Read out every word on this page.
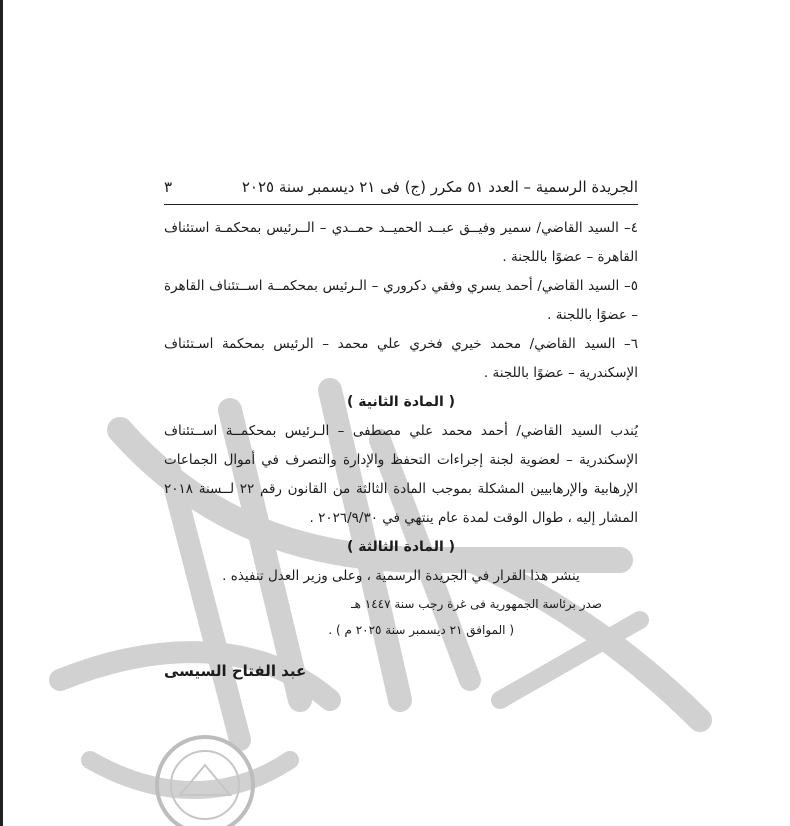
الجريدة الرسمية – العدد ٥١ مكرر (ج) فى ٢١ ديسمبر سنة ٢٠٢٥
٣

٤– السيد القاضي/ سمير وفيــق عبــد الحميــد حمــدي – الــرئيس بمحكمـة استئناف القاهرة – عضوًا باللجنة .

٥– السيد القاضي/ أحمد يسري وفقي دكروري – الـرئيس بمحكمــة اســتئناف القاهرة – عضوًا باللجنة .

٦– السيد القاضي/ محمد خيري فخري علي محمد – الرئيس بمحكمة اسـتئناف الإسكندرية – عضوًا باللجنة .

( المادة الثانية )

يُندب السيد القاضي/ أحمد محمد علي مصطفى – الـرئيس بمحكمــة اســتئناف الإسكندرية – لعضوية لجنة إجراءات التحفظ والإدارة والتصرف في أموال الجماعات الإرهابية والإرهابيين المشكلة بموجب المادة الثالثة من القانون رقم ٢٢ لــسنة ٢٠١٨ المشار إليه ، طوال الوقت لمدة عام ينتهي في ٢٠٢٦/٩/٣٠ .

( المادة الثالثة )

ينشر هذا القرار في الجريدة الرسمية ، وعلى وزير العدل تنفيذه .

صدر برئاسة الجمهورية فى غرة رجب سنة ١٤٤٧ هـ

( الموافق ٢١ ديسمبر سنة ٢٠٢٥ م ) .

عبد الفتاح السيسى
